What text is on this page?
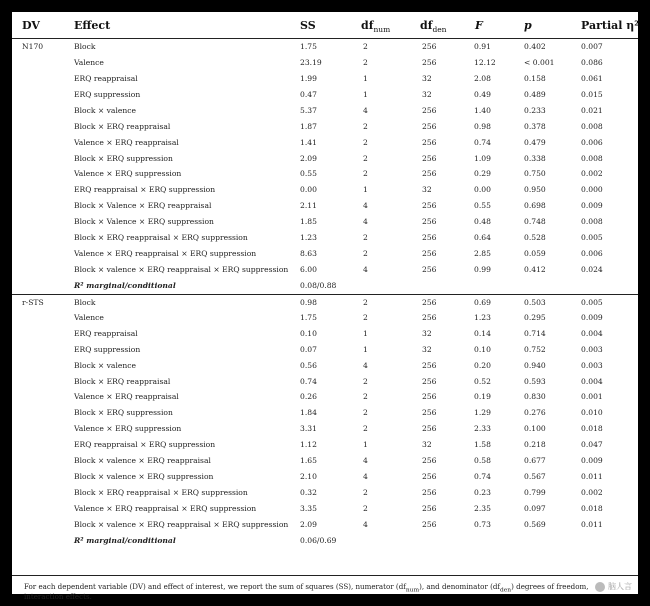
DV	Effect	SS	$df_{num}$	$df_{den}$	F	p	Partial η²
N170	Block	1.75	2	256	0.91	0.402	0.007
Valence	23.19	2	256	12.12	< 0.001	0.086
ERQ reappraisal	1.99	1	32	2.08	0.158	0.061
ERQ suppression	0.47	1	32	0.49	0.489	0.015
Block × valence	5.37	4	256	1.40	0.233	0.021
Block × ERQ reappraisal	1.87	2	256	0.98	0.378	0.008
Valence × ERQ reappraisal	1.41	2	256	0.74	0.479	0.006
Block × ERQ suppression	2.09	2	256	1.09	0.338	0.008
Valence × ERQ suppression	0.55	2	256	0.29	0.750	0.002
ERQ reappraisal × ERQ suppression	0.00	1	32	0.00	0.950	0.000
Block × Valence × ERQ reappraisal	2.11	4	256	0.55	0.698	0.009
Block × Valence × ERQ suppression	1.85	4	256	0.48	0.748	0.008
Block × ERQ reappraisal × ERQ suppression	1.23	2	256	0.64	0.528	0.005
Valence × ERQ reappraisal × ERQ suppression	8.63	2	256	2.85	0.059	0.006
Block × valence × ERQ reappraisal × ERQ suppression 6.00	4	256	0.99	0.412	0.024
R² marginal/conditional	0.08/0.88
r-STS	Block	0.98	2	256	0.69	0.503	0.005
Valence	1.75	2	256	1.23	0.295	0.009
ERQ reappraisal	0.10	1	32	0.14	0.714	0.004
ERQ suppression	0.07	1	32	0.10	0.752	0.003
Block × valence	0.56	4	256	0.20	0.940	0.003
Block × ERQ reappraisal	0.74	2	256	0.52	0.593	0.004
Valence × ERQ reappraisal	0.26	2	256	0.19	0.830	0.001
Block × ERQ suppression	1.84	2	256	1.29	0.276	0.010
Valence × ERQ suppression	3.31	2	256	2.33	0.100	0.018
ERQ reappraisal × ERQ suppression	1.12	1	32	1.58	0.218	0.047
Block × valence × ERQ reappraisal	1.65	4	256	0.58	0.677	0.009
Block × valence × ERQ suppression	2.10	4	256	0.74	0.567	0.011
Block × ERQ reappraisal × ERQ suppression	0.32	2	256	0.23	0.799	0.002
Valence × ERQ reappraisal × ERQ suppression	3.35	2	256	2.35	0.097	0.018
Block × valence × ERQ reappraisal × ERQ suppression 2.09	4	256	0.73	0.569	0.011
R² marginal/conditional	0.06/0.69
For each dependent variable (DV) and effect of interest, we report the sum of squares (SS), numerator $(df_{num})$, and denominator $(df_{den})$ degrees of freedom,
interaction effects.
脑人言
